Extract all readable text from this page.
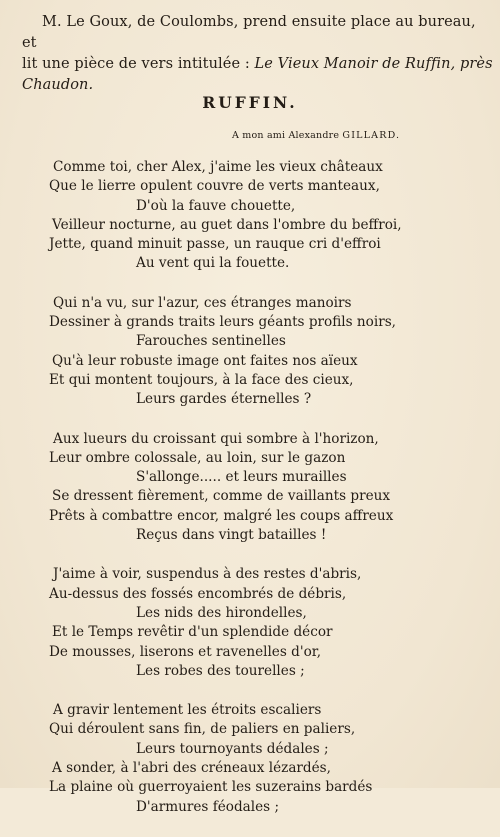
M. Le Goux, de Coulombs, prend ensuite place au bureau, et
lit une pièce de vers intitulée : Le Vieux Manoir de Ruffin, près
Chaudon.
RUFFIN.
A mon ami Alexandre GILLARD.
Comme toi, cher Alex, j'aime les vieux châteaux
Que le lierre opulent couvre de verts manteaux,
D'où la fauve chouette,
Veilleur nocturne, au guet dans l'ombre du beffroi,
Jette, quand minuit passe, un rauque cri d'effroi
Au vent qui la fouette.
Qui n'a vu, sur l'azur, ces étranges manoirs
Dessiner à grands traits leurs géants profils noirs,
Farouches sentinelles
Qu'à leur robuste image ont faites nos aïeux
Et qui montent toujours, à la face des cieux,
Leurs gardes éternelles ?
Aux lueurs du croissant qui sombre à l'horizon,
Leur ombre colossale, au loin, sur le gazon
S'allonge..... et leurs murailles
Se dressent fièrement, comme de vaillants preux
Prêts à combattre encor, malgré les coups affreux
Reçus dans vingt batailles !
J'aime à voir, suspendus à des restes d'abris,
Au-dessus des fossés encombrés de débris,
Les nids des hirondelles,
Et le Temps revêtir d'un splendide décor
De mousses, liserons et ravenelles d'or,
Les robes des tourelles ;
A gravir lentement les étroits escaliers
Qui déroulent sans fin, de paliers en paliers,
Leurs tournoyants dédales ;
A sonder, à l'abri des créneaux lézardés,
La plaine où guerroyaient les suzerains bardés
D'armures féodales ;
